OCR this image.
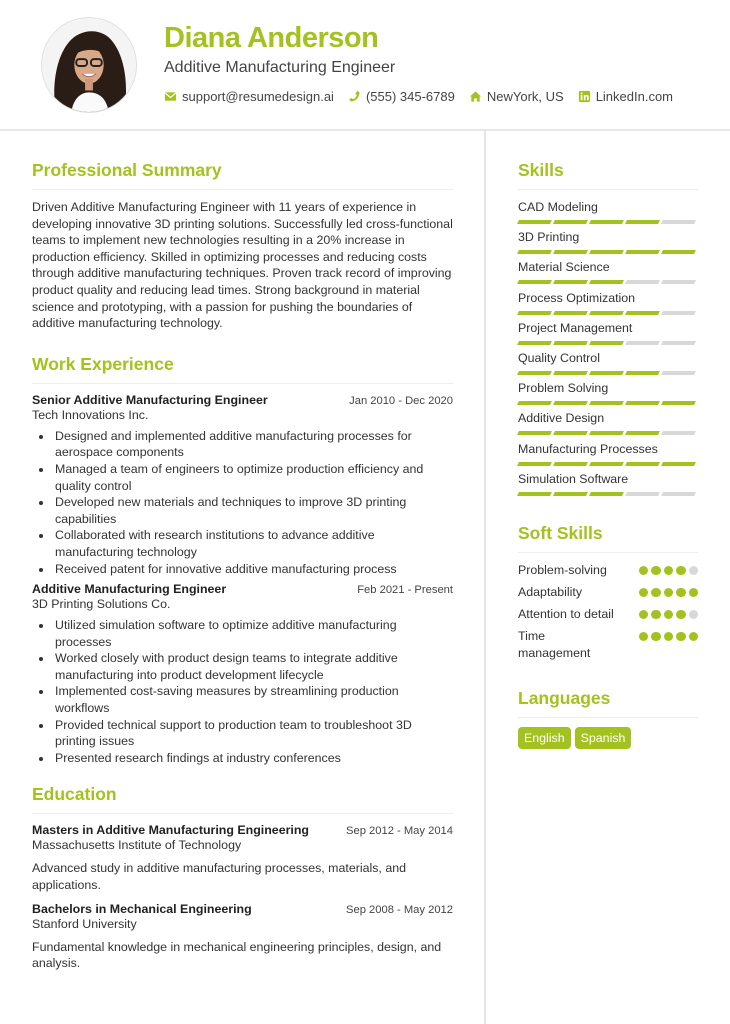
Diana Anderson
Additive Manufacturing Engineer
support@resumedesign.ai (555) 345-6789 NewYork, US LinkedIn.com
Professional Summary

Driven Additive Manufacturing Engineer with 11 years of experience in developing innovative 3D printing solutions. Successfully led cross-functional teams to implement new technologies resulting in a 20% increase in production efficiency. Skilled in optimizing processes and reducing costs through additive manufacturing techniques. Proven track record of improving product quality and reducing lead times. Strong background in material science and prototyping, with a passion for pushing the boundaries of additive manufacturing technology.

Work Experience
Senior Additive Manufacturing Engineer	Jan 2010 - Dec 2020
Tech Innovations Inc.
Designed and implemented additive manufacturing processes for aerospace components
Managed a team of engineers to optimize production efficiency and quality control
Developed new materials and techniques to improve 3D printing capabilities
Collaborated with research institutions to advance additive manufacturing technology
Received patent for innovative additive manufacturing process
Additive Manufacturing Engineer	Feb 2021 - Present
3D Printing Solutions Co.
Utilized simulation software to optimize additive manufacturing processes
Worked closely with product design teams to integrate additive manufacturing into product development lifecycle
Implemented cost-saving measures by streamlining production workflows
Provided technical support to production team to troubleshoot 3D printing issues
Presented research findings at industry conferences
Education
Masters in Additive Manufacturing Engineering	Sep 2012 - May 2014
Massachusetts Institute of Technology

Advanced study in additive manufacturing processes, materials, and applications.

Bachelors in Mechanical Engineering	Sep 2008 - May 2012
Stanford University

Fundamental knowledge in mechanical engineering principles, design, and analysis.

Skills
CAD Modeling
3D Printing
Material Science
Process Optimization
Project Management
Quality Control
Problem Solving
Additive Design
Manufacturing Processes
Simulation Software
Soft Skills
Problem-solving
Adaptability
Attention to detail
Time management
Languages
English	Spanish
